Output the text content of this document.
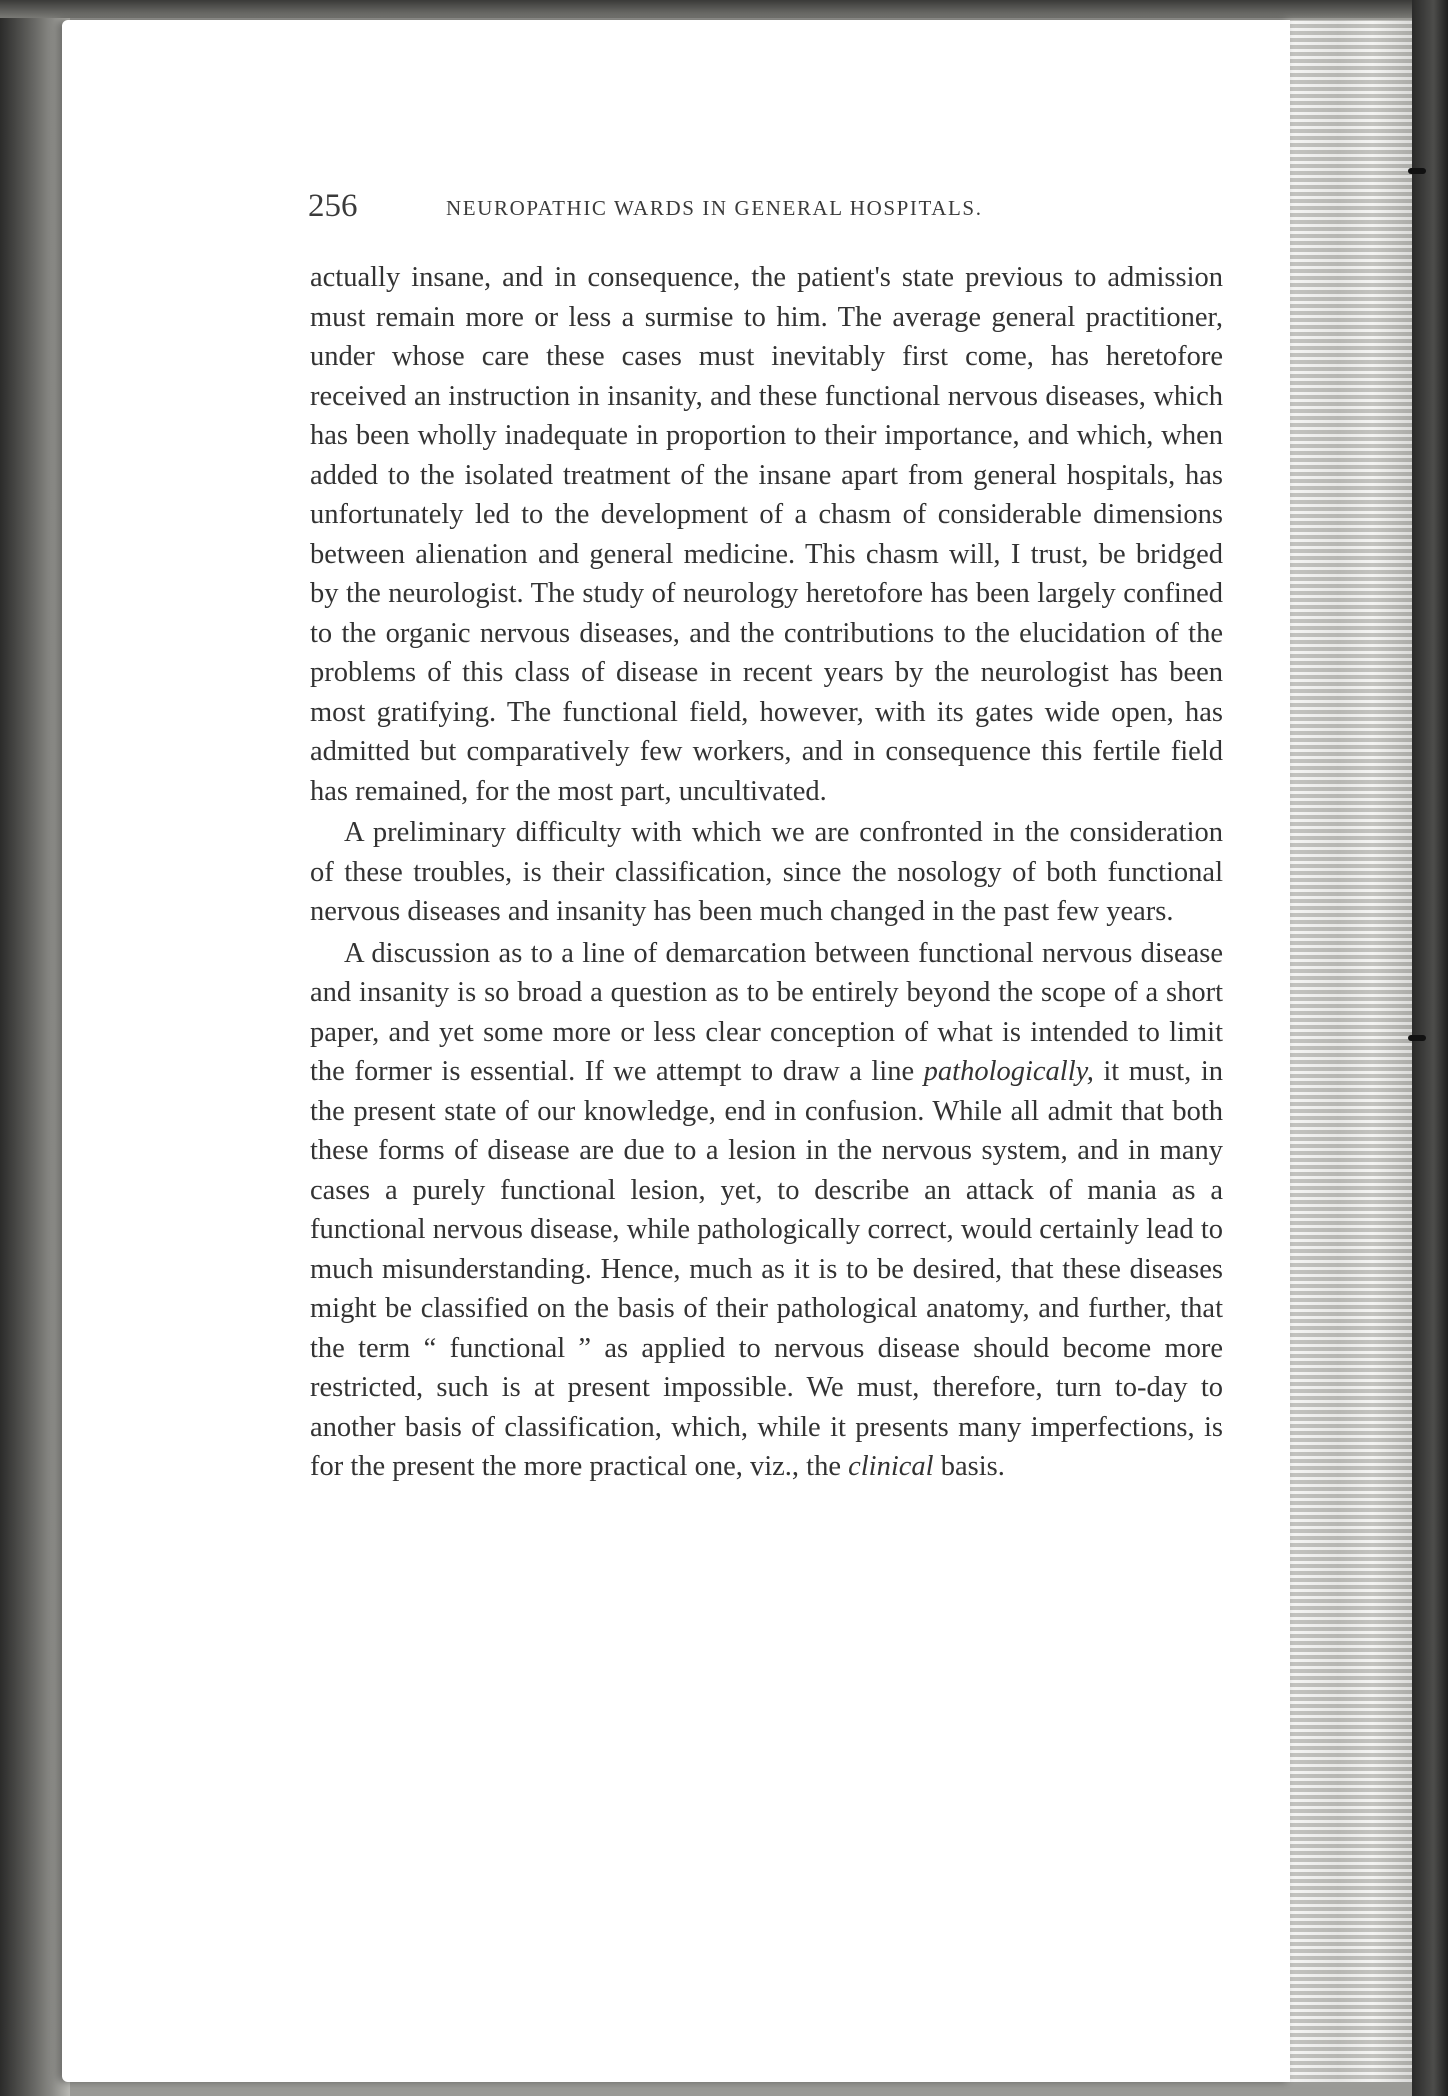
256	NEUROPATHIC WARDS IN GENERAL HOSPITALS.

actually insane, and in consequence, the patient's state previous to admission must remain more or less a surmise to him. The average general practitioner, under whose care these cases must inevitably first come, has heretofore received an instruction in insanity, and these functional nervous diseases, which has been wholly inadequate in proportion to their importance, and which, when added to the isolated treatment of the insane apart from general hospitals, has unfortunately led to the development of a chasm of considerable dimensions between alienation and general medicine. This chasm will, I trust, be bridged by the neurologist. The study of neurology heretofore has been largely confined to the organic nervous diseases, and the contributions to the elucidation of the problems of this class of disease in recent years by the neurologist has been most gratifying. The functional field, however, with its gates wide open, has admitted but comparatively few workers, and in consequence this fertile field has remained, for the most part, uncultivated.

A preliminary difficulty with which we are confronted in the consideration of these troubles, is their classification, since the nosology of both functional nervous diseases and insanity has been much changed in the past few years.

A discussion as to a line of demarcation between functional nervous disease and insanity is so broad a question as to be entirely beyond the scope of a short paper, and yet some more or less clear conception of what is intended to limit the former is essential. If we attempt to draw a line pathologically, it must, in the present state of our knowledge, end in confusion. While all admit that both these forms of disease are due to a lesion in the nervous system, and in many cases a purely functional lesion, yet, to describe an attack of mania as a functional nervous disease, while pathologically correct, would certainly lead to much misunderstanding. Hence, much as it is to be desired, that these diseases might be classified on the basis of their pathological anatomy, and further, that the term “ functional ” as applied to nervous disease should become more restricted, such is at present impossible. We must, therefore, turn to-day to another basis of classification, which, while it presents many imperfections, is for the present the more practical one, viz., the clinical basis.
